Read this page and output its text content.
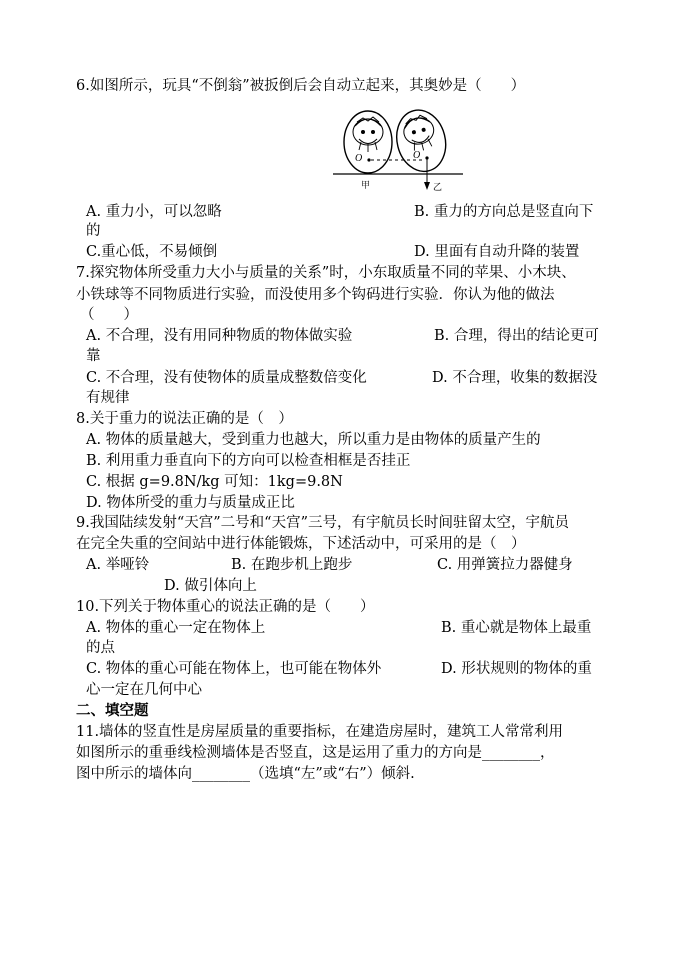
6.如图所示，玩具“不倒翁”被扳倒后会自动立起来，其奥妙是（　　）
O	O
甲	乙
A. 重力小，可以忽略	B. 重力的方向总是竖直向下
的
C.重心低，不易倾倒	D. 里面有自动升降的装置
7.探究物体所受重力大小与质量的关系”时，小东取质量不同的苹果、小木块、
小铁球等不同物质进行实验，而没使用多个钩码进行实验．你认为他的做法
（　　）
A. 不合理，没有用同种物质的物体做实验	B. 合理，得出的结论更可
靠
C. 不合理，没有使物体的质量成整数倍变化	D. 不合理，收集的数据没
有规律
8.关于重力的说法正确的是（　）
A. 物体的质量越大，受到重力也越大，所以重力是由物体的质量产生的
B. 利用重力垂直向下的方向可以检查相框是否挂正
C. 根据 g=9.8N/kg 可知：1kg=9.8N
D. 物体所受的重力与质量成正比
9.我国陆续发射“天宫”二号和“天宫”三号，有宇航员长时间驻留太空，宇航员
在完全失重的空间站中进行体能锻炼，下述活动中，可采用的是（　）
A. 举哑铃	B. 在跑步机上跑步	C. 用弹簧拉力器健身
D. 做引体向上
10.下列关于物体重心的说法正确的是（　　）
A. 物体的重心一定在物体上	B. 重心就是物体上最重
的点
C. 物体的重心可能在物体上，也可能在物体外	D. 形状规则的物体的重
心一定在几何中心
二、填空题
11.墙体的竖直性是房屋质量的重要指标，在建造房屋时，建筑工人常常利用
如图所示的重垂线检测墙体是否竖直，这是运用了重力的方向是________，
图中所示的墙体向________（选填“左”或“右”）倾斜.
